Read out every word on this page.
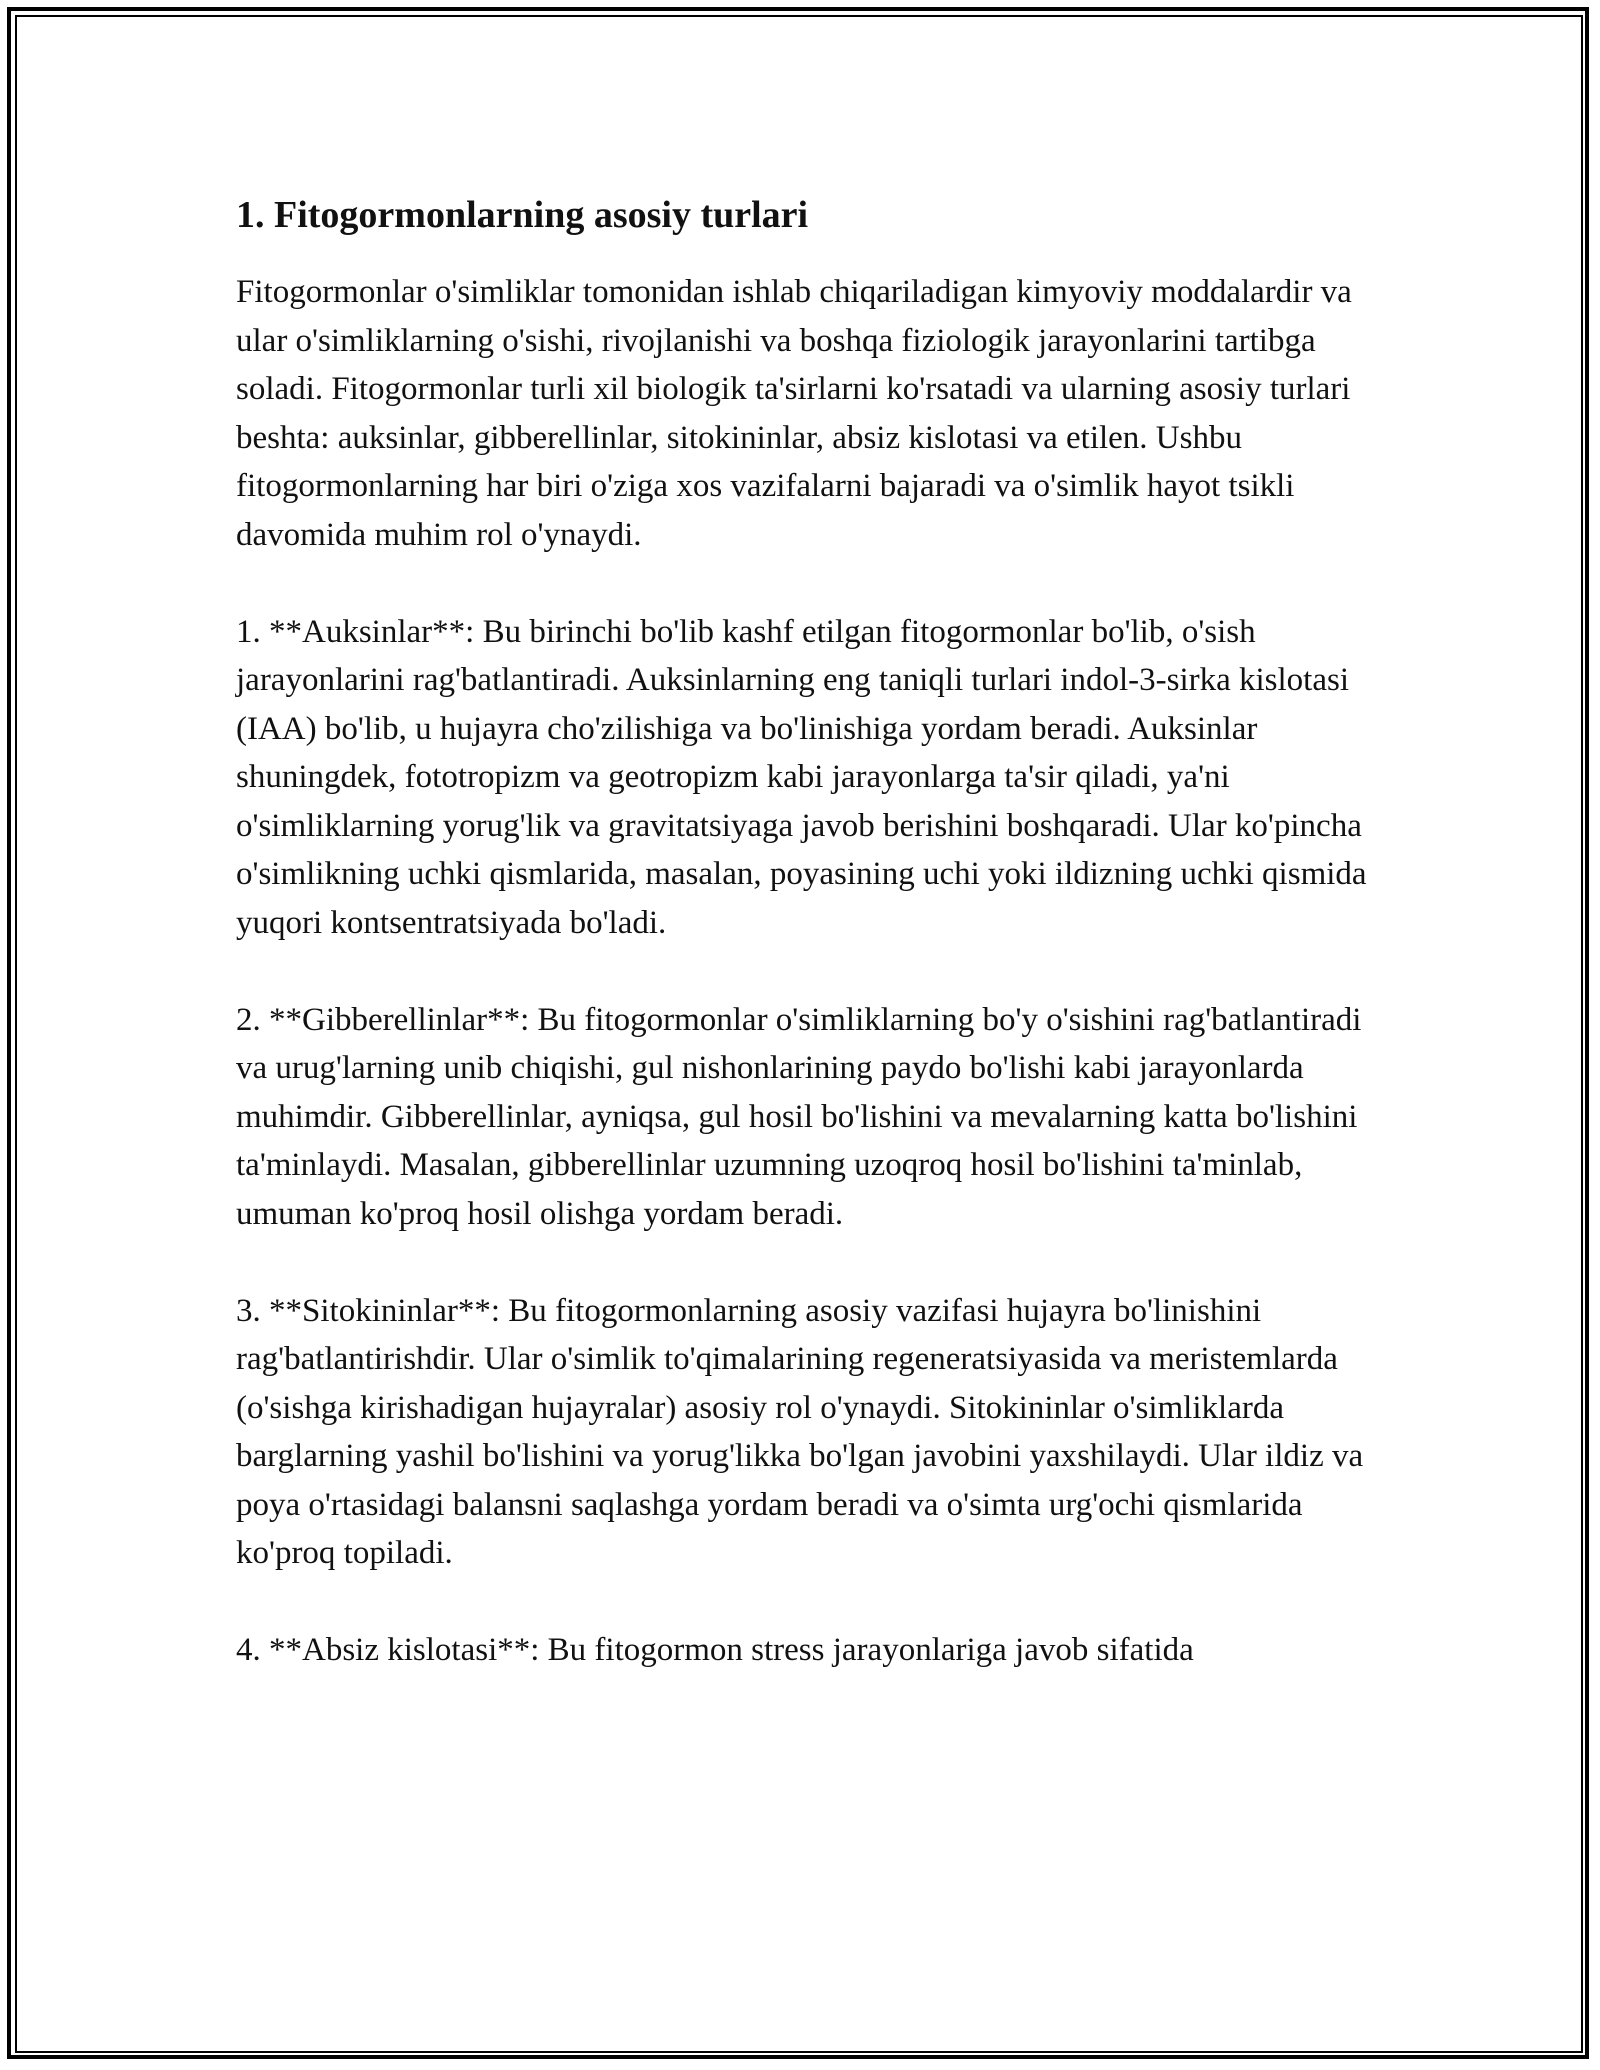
1. Fitogormonlarning asosiy turlari

Fitogormonlar o'simliklar tomonidan ishlab chiqariladigan kimyoviy moddalardir va ular o'simliklarning o'sishi, rivojlanishi va boshqa fiziologik jarayonlarini tartibga soladi. Fitogormonlar turli xil biologik ta'sirlarni ko'rsatadi va ularning asosiy turlari beshta: auksinlar, gibberellinlar, sitokininlar, absiz kislotasi va etilen. Ushbu fitogormonlarning har biri o'ziga xos vazifalarni bajaradi va o'simlik hayot tsikli davomida muhim rol o'ynaydi.

1. **Auksinlar**: Bu birinchi bo'lib kashf etilgan fitogormonlar bo'lib, o'sish jarayonlarini rag'batlantiradi. Auksinlarning eng taniqli turlari indol-3-sirka kislotasi (IAA) bo'lib, u hujayra cho'zilishiga va bo'linishiga yordam beradi. Auksinlar shuningdek, fototropizm va geotropizm kabi jarayonlarga ta'sir qiladi, ya'ni o'simliklarning yorug'lik va gravitatsiyaga javob berishini boshqaradi. Ular ko'pincha o'simlikning uchki qismlarida, masalan, poyasining uchi yoki ildizning uchki qismida yuqori kontsentratsiyada bo'ladi.

2. **Gibberellinlar**: Bu fitogormonlar o'simliklarning bo'y o'sishini rag'batlantiradi va urug'larning unib chiqishi, gul nishonlarining paydo bo'lishi kabi jarayonlarda muhimdir. Gibberellinlar, ayniqsa, gul hosil bo'lishini va mevalarning katta bo'lishini ta'minlaydi. Masalan, gibberellinlar uzumning uzoqroq hosil bo'lishini ta'minlab, umuman ko'proq hosil olishga yordam beradi.

3. **Sitokininlar**: Bu fitogormonlarning asosiy vazifasi hujayra bo'linishini rag'batlantirishdir. Ular o'simlik to'qimalarining regeneratsiyasida va meristemlarda (o'sishga kirishadigan hujayralar) asosiy rol o'ynaydi. Sitokininlar o'simliklarda barglarning yashil bo'lishini va yorug'likka bo'lgan javobini yaxshilaydi. Ular ildiz va poya o'rtasidagi balansni saqlashga yordam beradi va o'simta urg'ochi qismlarida ko'proq topiladi.

4. **Absiz kislotasi**: Bu fitogormon stress jarayonlariga javob sifatida
